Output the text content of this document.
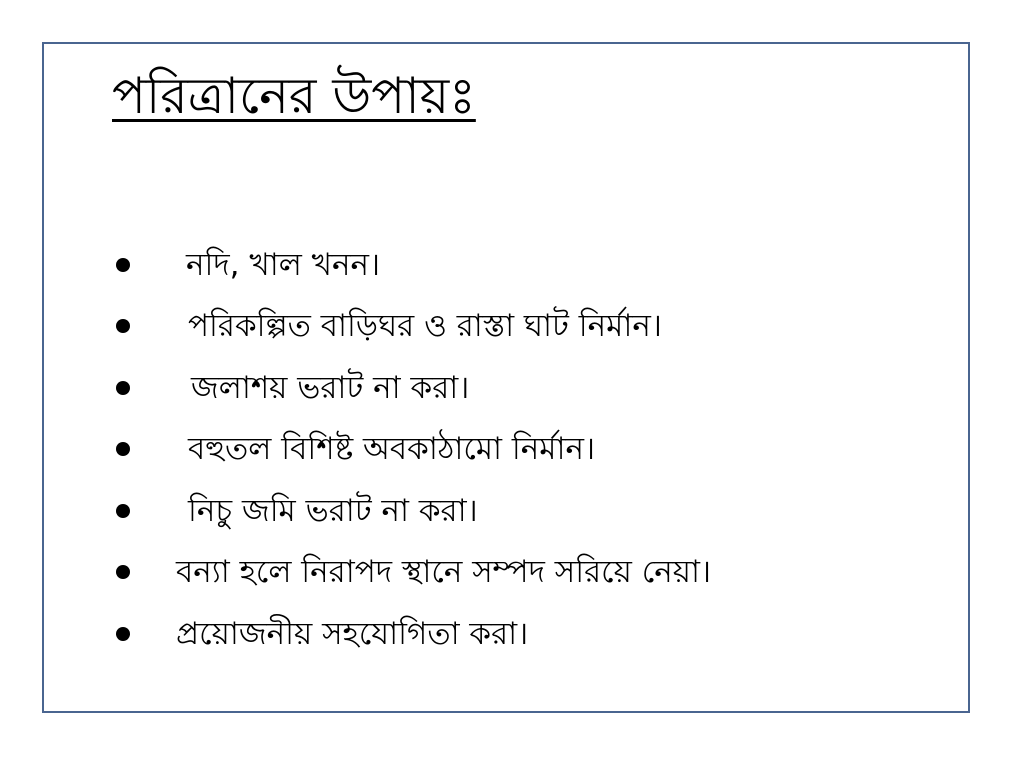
পরিত্রানের উপায়ঃ
নদি, খাল খনন।
পরিকল্পিত বাড়িঘর ও রাস্তা ঘাট নির্মান।
জলাশয় ভরাট না করা।
বহুতল বিশিষ্ট অবকাঠামো নির্মান।
নিচু জমি ভরাট না করা।
বন্যা হলে নিরাপদ স্থানে সম্পদ সরিয়ে নেয়া।
প্রয়োজনীয় সহযোগিতা করা।
